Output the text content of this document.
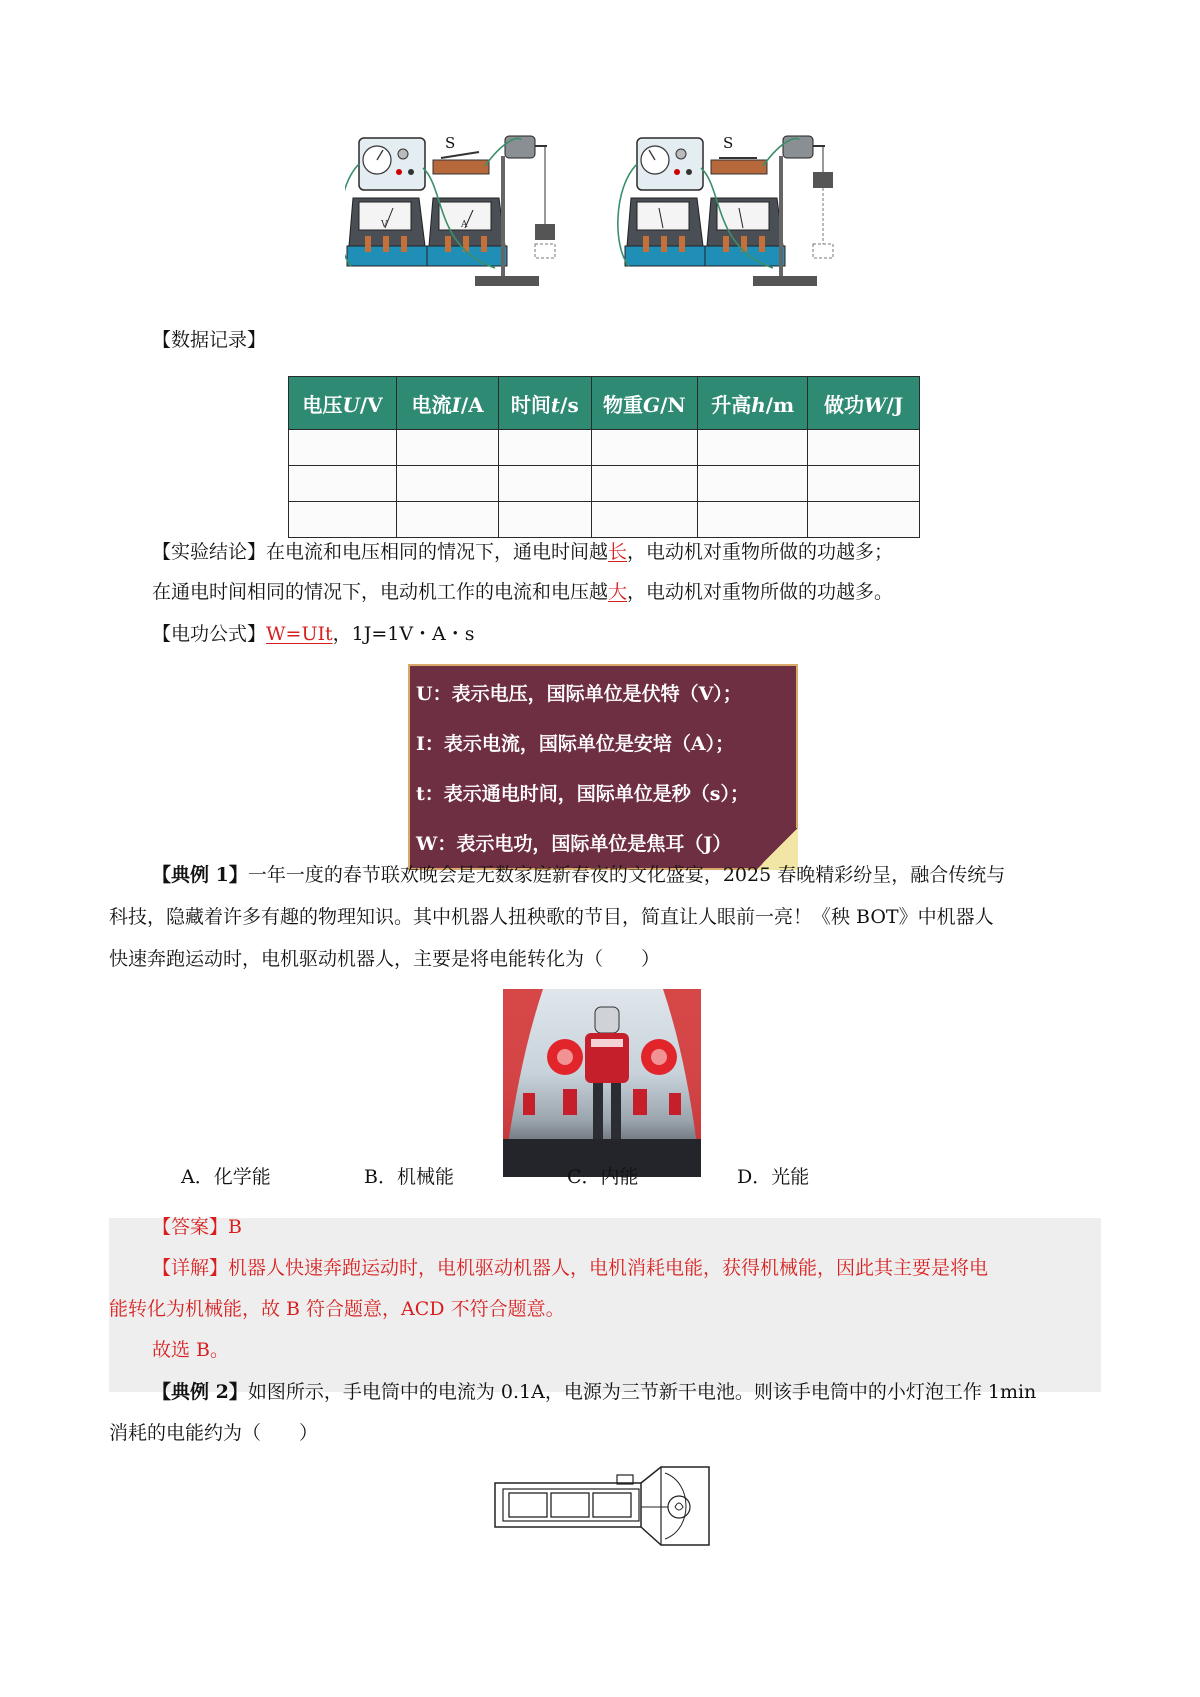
S
V	A
S
【数据记录】
电压U/V	电流I/A	时间t/s	物重G/N	升高h/m	做功W/J

【实验结论】在电流和电压相同的情况下，通电时间越长，电动机对重物所做的功越多；
在通电时间相同的情况下，电动机工作的电流和电压越大，电动机对重物所做的功越多。
【电功公式】W=UIt，1J=1V・A・s
U：表示电压，国际单位是伏特（V）；
I：表示电流，国际单位是安培（A）；
t：表示通电时间，国际单位是秒（s）；
W：表示电功，国际单位是焦耳（J）
【典例 1】一年一度的春节联欢晚会是无数家庭新春夜的文化盛宴，2025 春晚精彩纷呈，融合传统与
科技，隐藏着许多有趣的物理知识。其中机器人扭秧歌的节目，简直让人眼前一亮！《秧 BOT》中机器人
快速奔跑运动时，电机驱动机器人，主要是将电能转化为（　　）
A．化学能	B．机械能	C．内能	D．光能
【答案】B
【详解】机器人快速奔跑运动时，电机驱动机器人，电机消耗电能，获得机械能，因此其主要是将电
能转化为机械能，故 B 符合题意，ACD 不符合题意。
故选 B。
【典例 2】如图所示，手电筒中的电流为 0.1A，电源为三节新干电池。则该手电筒中的小灯泡工作 1min
消耗的电能约为（　　）
